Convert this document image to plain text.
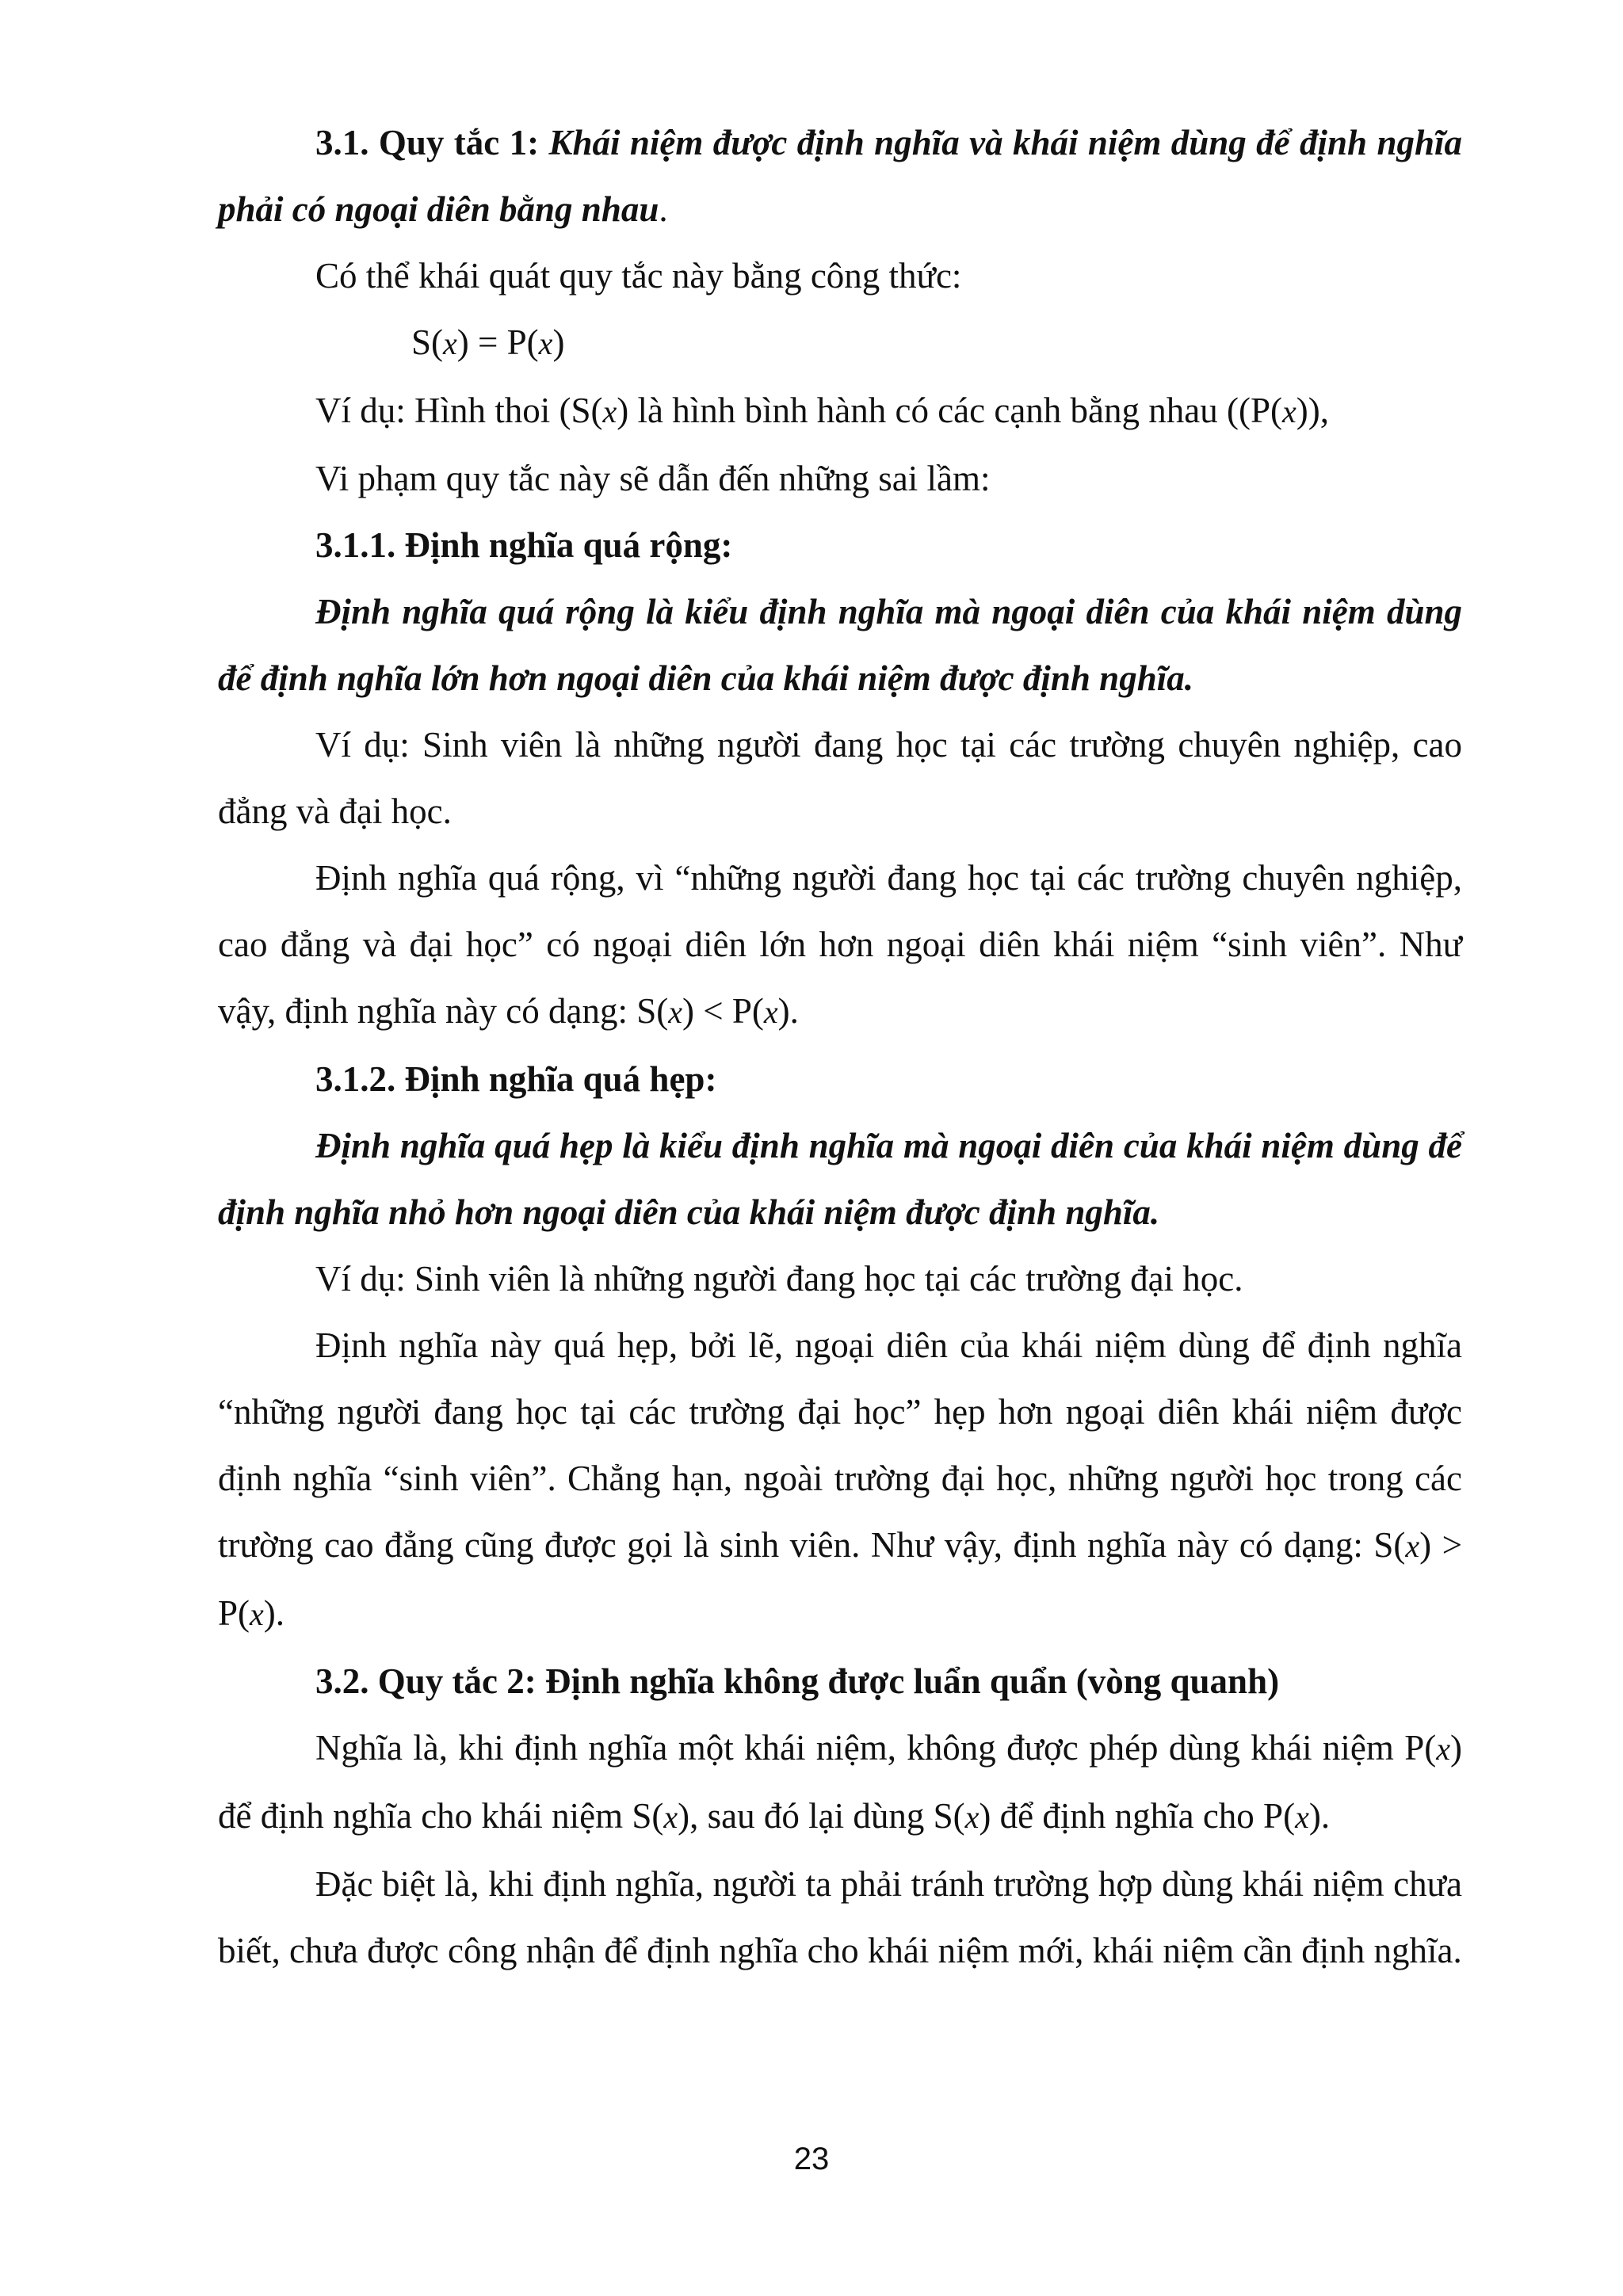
3.1. Quy tắc 1: Khái niệm được định nghĩa và khái niệm dùng để định nghĩa phải có ngoại diên bằng nhau.

Có thể khái quát quy tắc này bằng công thức:

S(x) = P(x)

Ví dụ: Hình thoi (S(x) là hình bình hành có các cạnh bằng nhau ((P(x)),

Vi phạm quy tắc này sẽ dẫn đến những sai lầm:

3.1.1. Định nghĩa quá rộng:

Định nghĩa quá rộng là kiểu định nghĩa mà ngoại diên của khái niệm dùng để định nghĩa lớn hơn ngoại diên của khái niệm được định nghĩa.

Ví dụ: Sinh viên là những người đang học tại các trường chuyên nghiệp, cao đẳng và đại học.

Định nghĩa quá rộng, vì “những người đang học tại các trường chuyên nghiệp, cao đẳng và đại học” có ngoại diên lớn hơn ngoại diên khái niệm “sinh viên”. Như vậy, định nghĩa này có dạng: S(x) < P(x).

3.1.2. Định nghĩa quá hẹp:

Định nghĩa quá hẹp là kiểu định nghĩa mà ngoại diên của khái niệm dùng để định nghĩa nhỏ hơn ngoại diên của khái niệm được định nghĩa.

Ví dụ: Sinh viên là những người đang học tại các trường đại học.

Định nghĩa này quá hẹp, bởi lẽ, ngoại diên của khái niệm dùng để định nghĩa “những người đang học tại các trường đại học” hẹp hơn ngoại diên khái niệm được định nghĩa “sinh viên”. Chẳng hạn, ngoài trường đại học, những người học trong các trường cao đẳng cũng được gọi là sinh viên. Như vậy, định nghĩa này có dạng: S(x) > P(x).

3.2. Quy tắc 2: Định nghĩa không được luẩn quẩn (vòng quanh)

Nghĩa là, khi định nghĩa một khái niệm, không được phép dùng khái niệm P(x) để định nghĩa cho khái niệm S(x), sau đó lại dùng S(x) để định nghĩa cho P(x).

Đặc biệt là, khi định nghĩa, người ta phải tránh trường hợp dùng khái niệm chưa biết, chưa được công nhận để định nghĩa cho khái niệm mới, khái niệm cần định nghĩa.

23
